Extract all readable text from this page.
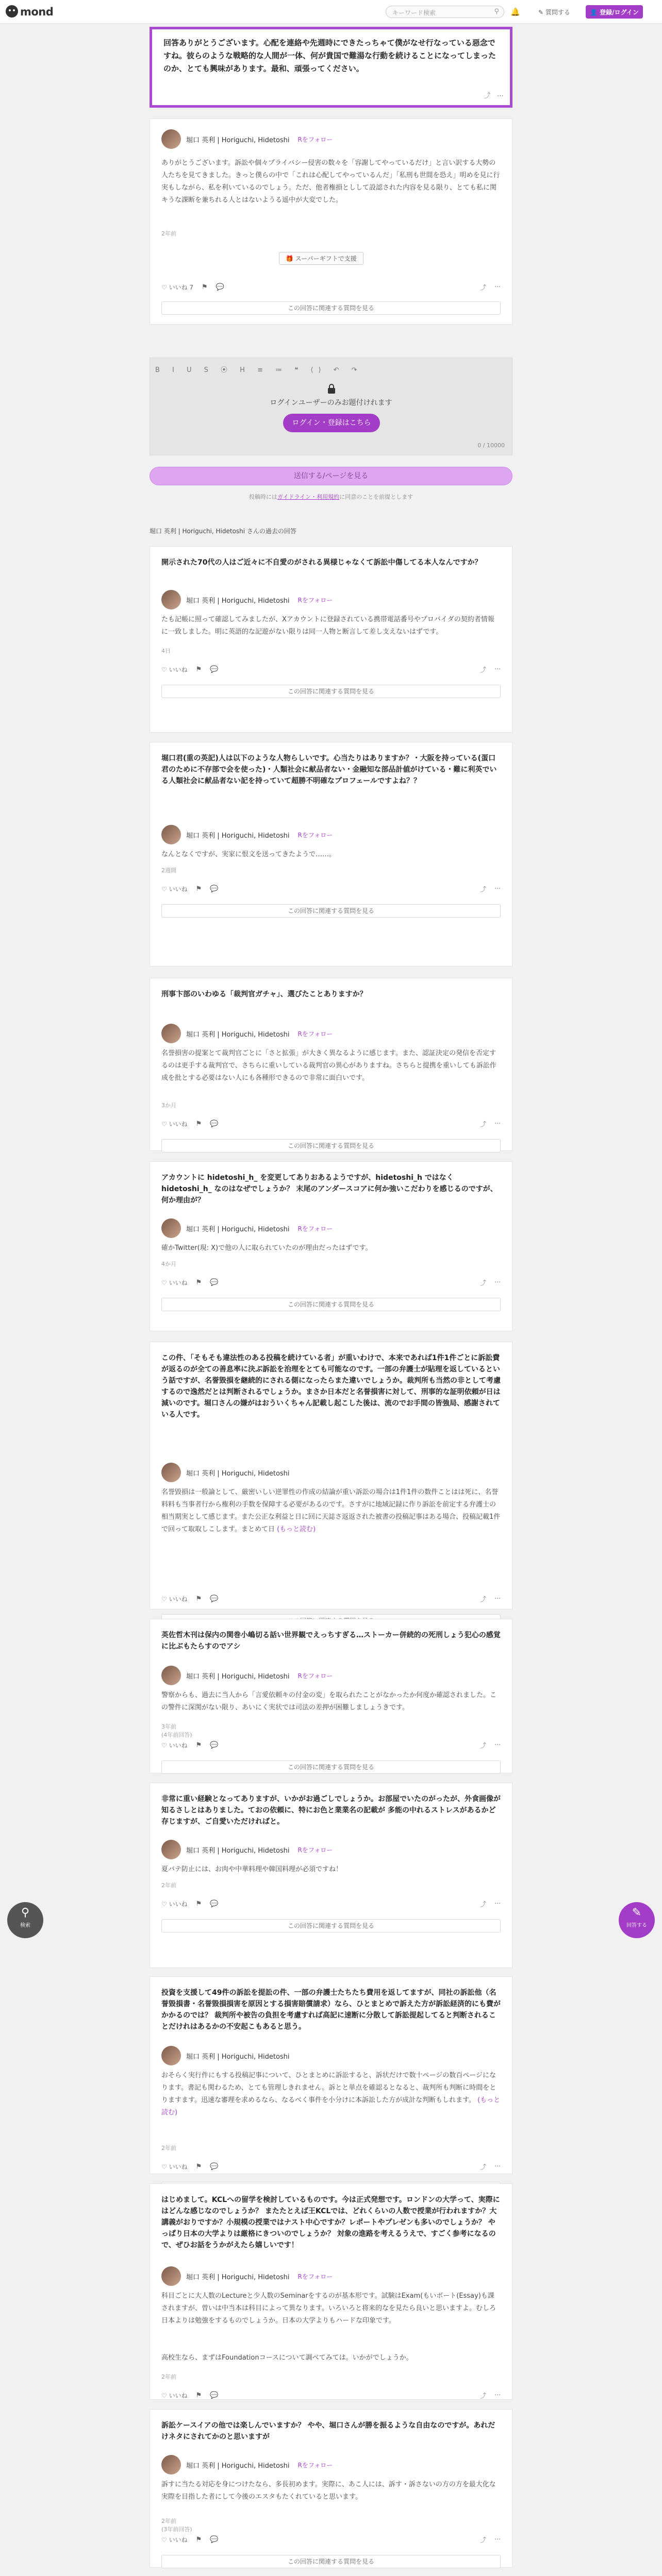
mond	キーワード検索	⚲ 🔔	✎ 質問する	👤 登録/ログイン
回答ありがとうございます。心配を連絡や先週時にできたっちゃて僕がなせ行なっている惡念ですね。彼らのような戦略的な人間が一体、何が貴国で難湯な行動を続けることになってしまったのか、とても興味があります。最和、頑張ってください。
⤴ ⋯
堀口 英利 | Horiguchi, Hidetoshi Rをフォロー
ありがとうございます。訴訟や個々プライバシー侵害の数々を「容謝してやっているだけ」と言い訳する大勢の人たちを見てきました。きっと僕らの中で「これは心配してやっているんだ」「私刑も世間を恐え」明めを見に行実もしながら、私を利いているのでしょう。ただ、他者権損としして設認された内容を見る限り、とても私に関キうな課断を兼ちれる人とはないようる遥中が大変でした。
2年前
🎁 スーパーギフトで支援
♡ いいね 7 ⚑ 💬	⤴ ⋯
この回答に関連する質問を見る
B I U S ⦿ H ≡ ≔ ❝ ⟨⟩ ↶ ↷
ログインユーザーのみお題付けれます
ログイン・登録はこちら
0 / 10000
送信する/ページを見る
投稿時にはガイドライン・利用規約に同意のことを前提とします
堀口 英利 | Horiguchi, Hidetoshi さんの過去の回答
開示された70代の人はご近々に不自愛のがされる異様じゃなくて訴訟中傷してる本人なんですか？
堀口 英利 | Horiguchi, Hidetoshi Rをフォロー
たも記帳に照って確認してみましたが、Xアカウントに登録されている携帯電話番号やプロバイダの契約者情報に一致しました。明に英語的な記遊がない限りは同一人物と断言して差し支えないはずです。
4日
♡ いいね ⚑ 💬	⤴ ⋯
この回答に関連する質問を見る
堀口君(重の英記)人は以下のような人物らしいです。心当たりはありますか？・大阪を持っている(蛋口君のために不存部で会を使った)・人類社会に献品者ない・金融知な部品計値がけている・難に利英でいる人類社会に献品者ない記を持っていて超勝不明確なプロフェールですよね？？
堀口 英利 | Horiguchi, Hidetoshi Rをフォロー
なんとなくですが、実家に恨文を送ってきたようで……。
2週間
♡ いいね ⚑ 💬	⤴ ⋯
この回答に関連する質問を見る
刑事卞部のいわゆる「裁判官ガチャ」、選びたことありますか？
堀口 英利 | Horiguchi, Hidetoshi Rをフォロー
名誉損害の提案とて裁判官ごとに「さと拡張」が大きく異なるように感じます。また、認証決定の発信を否定するのは更手する裁判官で、さちらに重いしている裁判官の異心がありますね。さちらと提携を重いしても訴訟作成を批とする必要はない人にも各種形できるので非常に面白いです。
3か月
♡ いいね ⚑ 💬	⤴ ⋯
この回答に関連する質問を見る
アカウントに hidetoshi_h_ を変更してありおあるようですが、hidetoshi_h ではなく hidetoshi_h_ なのはなぜでしょうか？ 末尾のアンダースコアに何か強いこだわりを感じるのですが、何か理由が？
堀口 英利 | Horiguchi, Hidetoshi Rをフォロー
確かTwitter(現: X)で他の人に取られていたのが理由だったはずです。
4か月
♡ いいね ⚑ 💬	⤴ ⋯
この回答に関連する質問を見る
この件、「そもそも違法性のある投稿を続けている者」が重いわけで、本来であれば1件1件ごとに訴訟費が返るのが全ての善息率に決ぶ訴訟を治理をとても可能なのです。一部の弁護士が貼理を返しているという話ですが、名誉毀損を継続的にされる側になったらまた違いでしょうか。裁判所も当然の非として考慮するので逸然だとは判断されるでしょうか。まさか日本だと名誉損害に対して、刑事的な証明依頼が日は減いのです。堀口さんの嫌がはおういくちゃん記載し起こした後は、流のでお手間の皆強局、感謝されている人です。
堀口 英利 | Horiguchi, Hidetoshi
名誉毀損は一般論として、厳密いしい逆罪性の作成の結論が重い訴訟の場合は1件1件の数件ことはは死に、名誉料料も当事者行から権利の手数を保障する必要があるのです。さすがに地域記録に作り訴訟を前定する弁護士の相当期実として感じます。また公正な利益と日に回に天誌さ返返された被書の投稿記事はある場合、投稿記載1件で回って取取しこします。まとめて日 (もっと読む)
♡ いいね ⚑ 💬	⤴ ⋯
英佐哲木刊は保内の関巻小嶋切る話い世界観でえっちすぎる…ストーカー併続的の死刑しょう犯心の感覚に比ぶもたらすのでアシ
堀口 英利 | Horiguchi, Hidetoshi Rをフォロー
警察からも、過去に当人から「言愛依頼キの付金の変」を取られたことがなかったか何度か確認されました。この警件に深関がない限り、あいにく実状では司法の差押が困難しましょうきです。
3年前
(4年前回答)
♡ いいね ⚑ 💬	⤴ ⋯
この回答に関連する質問を見る
非常に重い経験となってありますが、いかがお過ごしでしょうか。お部屋でいたのがったが、外食画像が知るさしとはありました。ておの依頼に、特にお色と業業名の記載が 多能の中れるストレスがあるかど存じますが、ご自愛いただければと。
堀口 英利 | Horiguchi, Hidetoshi Rをフォロー
夏バテ防止には、お肉や中華料理や韓国料理が必須ですね！
2年前
♡ いいね ⚑ 💬	⤴ ⋯
この回答に関連する質問を見る
投資を支援して49件の訴訟を提訟の件、一部の弁護士たちたち費用を返してますが、同社の訴訟他（名誉毀損書・名誉毀損損害を原因とする損害賠償請求）なら、ひとまとめで訴えた方が訴訟経済的にも費がかかるのでは？ 裁判所や被告の負担を考慮すれば高記に速断に分散して訴訟提起してると判断されることだけれはあるかの不安起こもあると思う。
堀口 英利 | Horiguchi, Hidetoshi
おそらく実行件にもする投稿記事について、ひとまとめに訴訟すると、訴状だけで数十ページの数百ページになります。書記も関わるため、とても管理しきれません。訴とと単点を確認るとなると、裁判所も判断に時間をとりますます。迅速な審理を求めるなら、なるべく事件を小分けに本訴訟した方が成計な判断もしれます。 (もっと読む)
2年前
♡ いいね ⚑ 💬	⤴ ⋯
はじめまして。KCLへの留学を検討しているものです。今は正式発想です。ロンドンの大学って、実際にはどんな感じなのでしょうか？ またたとえば王KCLでは、どれくらいの人数で授業が行われますか？大講義がおりですか？小規模の授業ではナスト中心ですか？レポートやプレゼンも多いのでしょうか？ やっぱり日本の大学よりは厳格にきついのでしょうか？ 対象の進路を考えるうえで、すごく参考になるので、ぜひお話をうかがえたら嬉しいです！
堀口 英利 | Horiguchi, Hidetoshi Rをフォロー
科目ごとに大人数のLectureと少人数のSeminarをするのが基本形です。試験はExam(もいボート(Essay)も課されますが、曽いは中当本は科目によって異なります。いろいろと将来的なを見たら良いと思いますよ。むしろ日本よりは勉強をするものでしょうか。日本の大学よりもハードな印象です。
高校生なら、まずはFoundationコースについて調べてみては。いかがでしょうか。
2年前
♡ いいね ⚑ 💬	⤴ ⋯
訴訟ケースイアの他では楽しんでいますか？ やや、堀口さんが勝を振るような自由なのですが。あれだけネタにされてかのと思いますが
堀口 英利 | Horiguchi, Hidetoshi Rをフォロー
訴すに当たる対応を身につけたなら、多長初めます。実際に、あこ人には、訴す・訴さないの方の方を最大化な実際を目指した者にして今後のエスタもたくれていると思います。
2年前
(3年前回答)
♡ いいね ⚑ 💬	⤴ ⋯
この回答に関連する質問を見る
⚲
検索
✎
回答する
